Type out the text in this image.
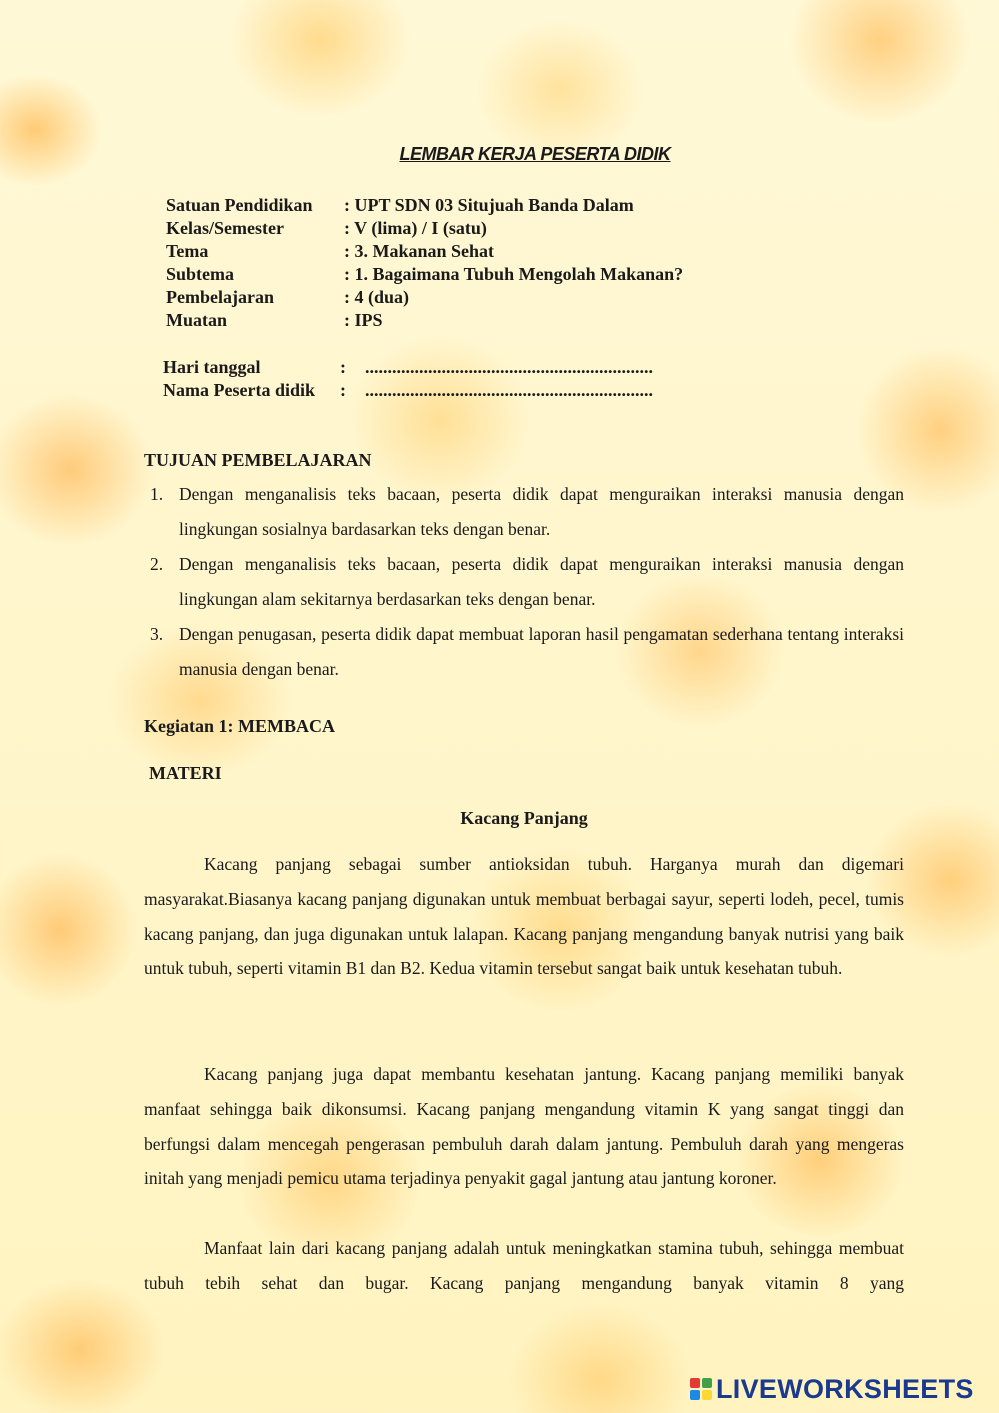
LEMBAR KERJA PESERTA DIDIK
Satuan Pendidikan : UPT SDN 03 Situjuah Banda Dalam
Kelas/Semester	: V (lima) / I (satu)
Tema	: 3. Makanan Sehat
Subtema	: 1. Bagaimana Tubuh Mengolah Makanan?
Pembelajaran	: 4 (dua)
Muatan	: IPS
Hari tanggal	: ................................................................
Nama Peserta didik : ................................................................
TUJUAN PEMBELAJARAN
1. Dengan menganalisis teks bacaan, peserta didik dapat menguraikan interaksi manusia dengan lingkungan sosialnya bardasarkan teks dengan benar.
2. Dengan menganalisis teks bacaan, peserta didik dapat menguraikan interaksi manusia dengan lingkungan alam sekitarnya berdasarkan teks dengan benar.
3. Dengan penugasan, peserta didik dapat membuat laporan hasil pengamatan sederhana tentang interaksi manusia dengan benar.
Kegiatan 1: MEMBACA
MATERI
Kacang Panjang
Kacang panjang sebagai sumber antioksidan tubuh. Harganya murah dan digemari masyarakat.Biasanya kacang panjang digunakan untuk membuat berbagai sayur, seperti lodeh, pecel, tumis kacang panjang, dan juga digunakan untuk lalapan. Kacang panjang mengandung banyak nutrisi yang baik untuk tubuh, seperti vitamin B1 dan B2. Kedua vitamin tersebut sangat baik untuk kesehatan tubuh.
Kacang panjang juga dapat membantu kesehatan jantung. Kacang panjang memiliki banyak manfaat sehingga baik dikonsumsi. Kacang panjang mengandung vitamin K yang sangat tinggi dan berfungsi dalam mencegah pengerasan pembuluh darah dalam jantung. Pembuluh darah yang mengeras initah yang menjadi pemicu utama terjadinya penyakit gagal jantung atau jantung koroner.
Manfaat lain dari kacang panjang adalah untuk meningkatkan stamina tubuh, sehingga membuat tubuh tebih sehat dan bugar. Kacang panjang mengandung banyak vitamin 8 yang
LIVEWORKSHEETS
